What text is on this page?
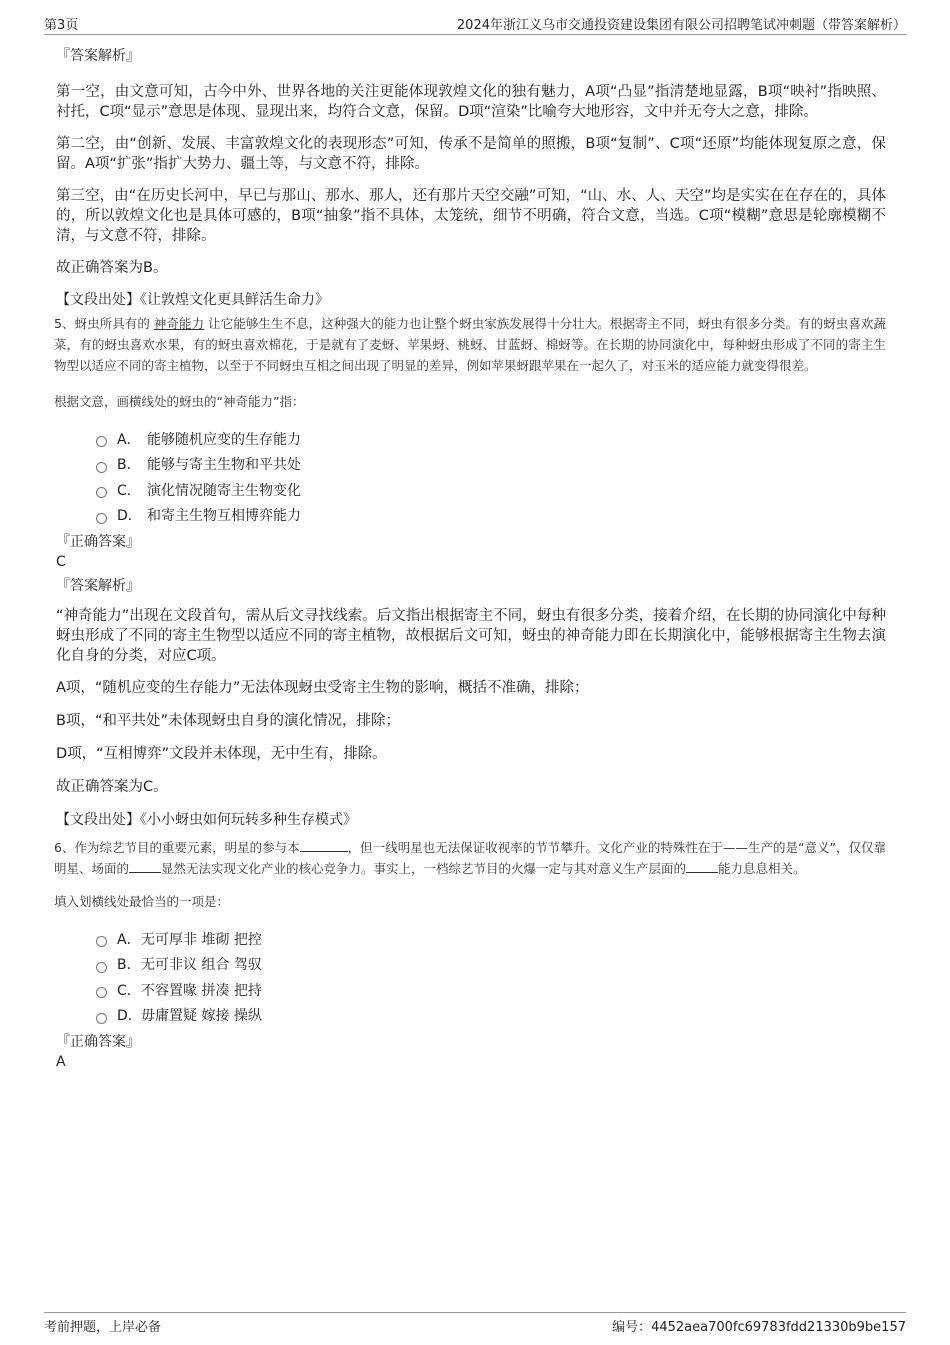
第3页	2024年浙江义乌市交通投资建设集团有限公司招聘笔试冲刺题（带答案解析）

『答案解析』

第一空，由文意可知，古今中外、世界各地的关注更能体现敦煌文化的独有魅力，A项“凸显”指清楚地显露，B项“映衬”指映照、衬托，C项“显示”意思是体现、显现出来，均符合文意，保留。D项“渲染”比喻夸大地形容，文中并无夸大之意，排除。

第二空，由“创新、发展、丰富敦煌文化的表现形态”可知，传承不是简单的照搬，B项“复制”、C项“还原”均能体现复原之意，保留。A项“扩张”指扩大势力、疆土等，与文意不符，排除。

第三空，由“在历史长河中，早已与那山、那水、那人，还有那片天空交融”可知，“山、水、人、天空”均是实实在在存在的，具体的，所以敦煌文化也是具体可感的，B项“抽象”指不具体，太笼统，细节不明确，符合文意，当选。C项“模糊”意思是轮廓模糊不清，与文意不符，排除。

故正确答案为B。

【文段出处】《让敦煌文化更具鲜活生命力》

5、蚜虫所具有的 神奇能力 让它能够生生不息，这种强大的能力也让整个蚜虫家族发展得十分壮大。根据寄主不同，蚜虫有很多分类。有的蚜虫喜欢蔬菜，有的蚜虫喜欢水果，有的蚜虫喜欢棉花，于是就有了麦蚜、苹果蚜、桃蚜、甘蓝蚜、棉蚜等。在长期的协同演化中，每种蚜虫形成了不同的寄主生物型以适应不同的寄主植物，以至于不同蚜虫互相之间出现了明显的差异，例如苹果蚜跟苹果在一起久了，对玉米的适应能力就变得很差。

根据文意，画横线处的蚜虫的“神奇能力”指：

A． 能够随机应变的生存能力
B． 能够与寄主生物和平共处
C． 演化情况随寄主生物变化
D． 和寄主生物互相博弈能力

『正确答案』

C

『答案解析』

“神奇能力”出现在文段首句，需从后文寻找线索。后文指出根据寄主不同，蚜虫有很多分类，接着介绍，在长期的协同演化中每种蚜虫形成了不同的寄主生物型以适应不同的寄主植物，故根据后文可知，蚜虫的神奇能力即在长期演化中，能够根据寄主生物去演化自身的分类，对应C项。

A项，“随机应变的生存能力”无法体现蚜虫受寄主生物的影响，概括不准确，排除；

B项，“和平共处”未体现蚜虫自身的演化情况，排除；

D项，“互相博弈”文段并未体现，无中生有，排除。

故正确答案为C。

【文段出处】《小小蚜虫如何玩转多种生存模式》

6、作为综艺节目的重要元素，明星的参与本	，但一线明星也无法保证收视率的节节攀升。文化产业的特殊性在于——生产的是“意义”，仅仅靠明星、场面的	显然无法实现文化产业的核心竞争力。事实上，一档综艺节目的火爆一定与其对意义生产层面的	能力息息相关。

填入划横线处最恰当的一项是：

A． 无可厚非 堆砌 把控
B． 无可非议 组合 驾驭
C． 不容置喙 拼凑 把持
D． 毋庸置疑 嫁接 操纵

『正确答案』

A

考前押题，上岸必备	编号：4452aea700fc69783fdd21330b9be157
